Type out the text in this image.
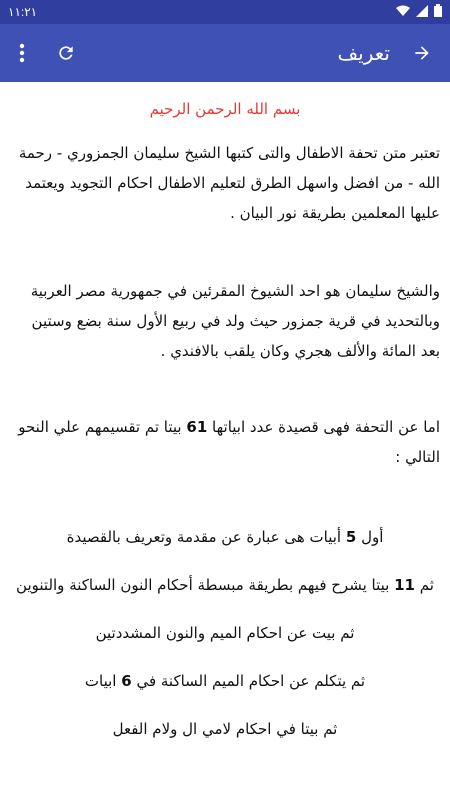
١١:٢١
تعريف
بسم الله الرحمن الرحيم

تعتبر متن تحفة الاطفال والتى كتبها الشيخ سليمان الجمزوري - رحمة الله - من افضل واسهل الطرق لتعليم الاطفال احكام التجويد ويعتمد عليها المعلمين بطريقة نور البيان .

والشيخ سليمان هو احد الشيوخ المقرئين في جمهورية مصر العربية وبالتحديد في قرية جمزور حيث ولد في ربيع الأول سنة بضع وستين بعد المائة والألف هجري وكان يلقب بالافندي .

اما عن التحفة فهى قصيدة عدد ابياتها 61 بيتا تم تقسيمهم علي النحو التالي :

أول 5 أبيات هى عبارة عن مقدمة وتعريف بالقصيدة

ثم 11 بيتا يشرح فيهم بطريقة مبسطة أحكام النون الساكنة والتنوين

ثم بيت عن احكام الميم والنون المشددتين

ثم يتكلم عن احكام الميم الساكنة في 6 ابيات

ثم بيتا في احكام لامي ال ولام الفعل
